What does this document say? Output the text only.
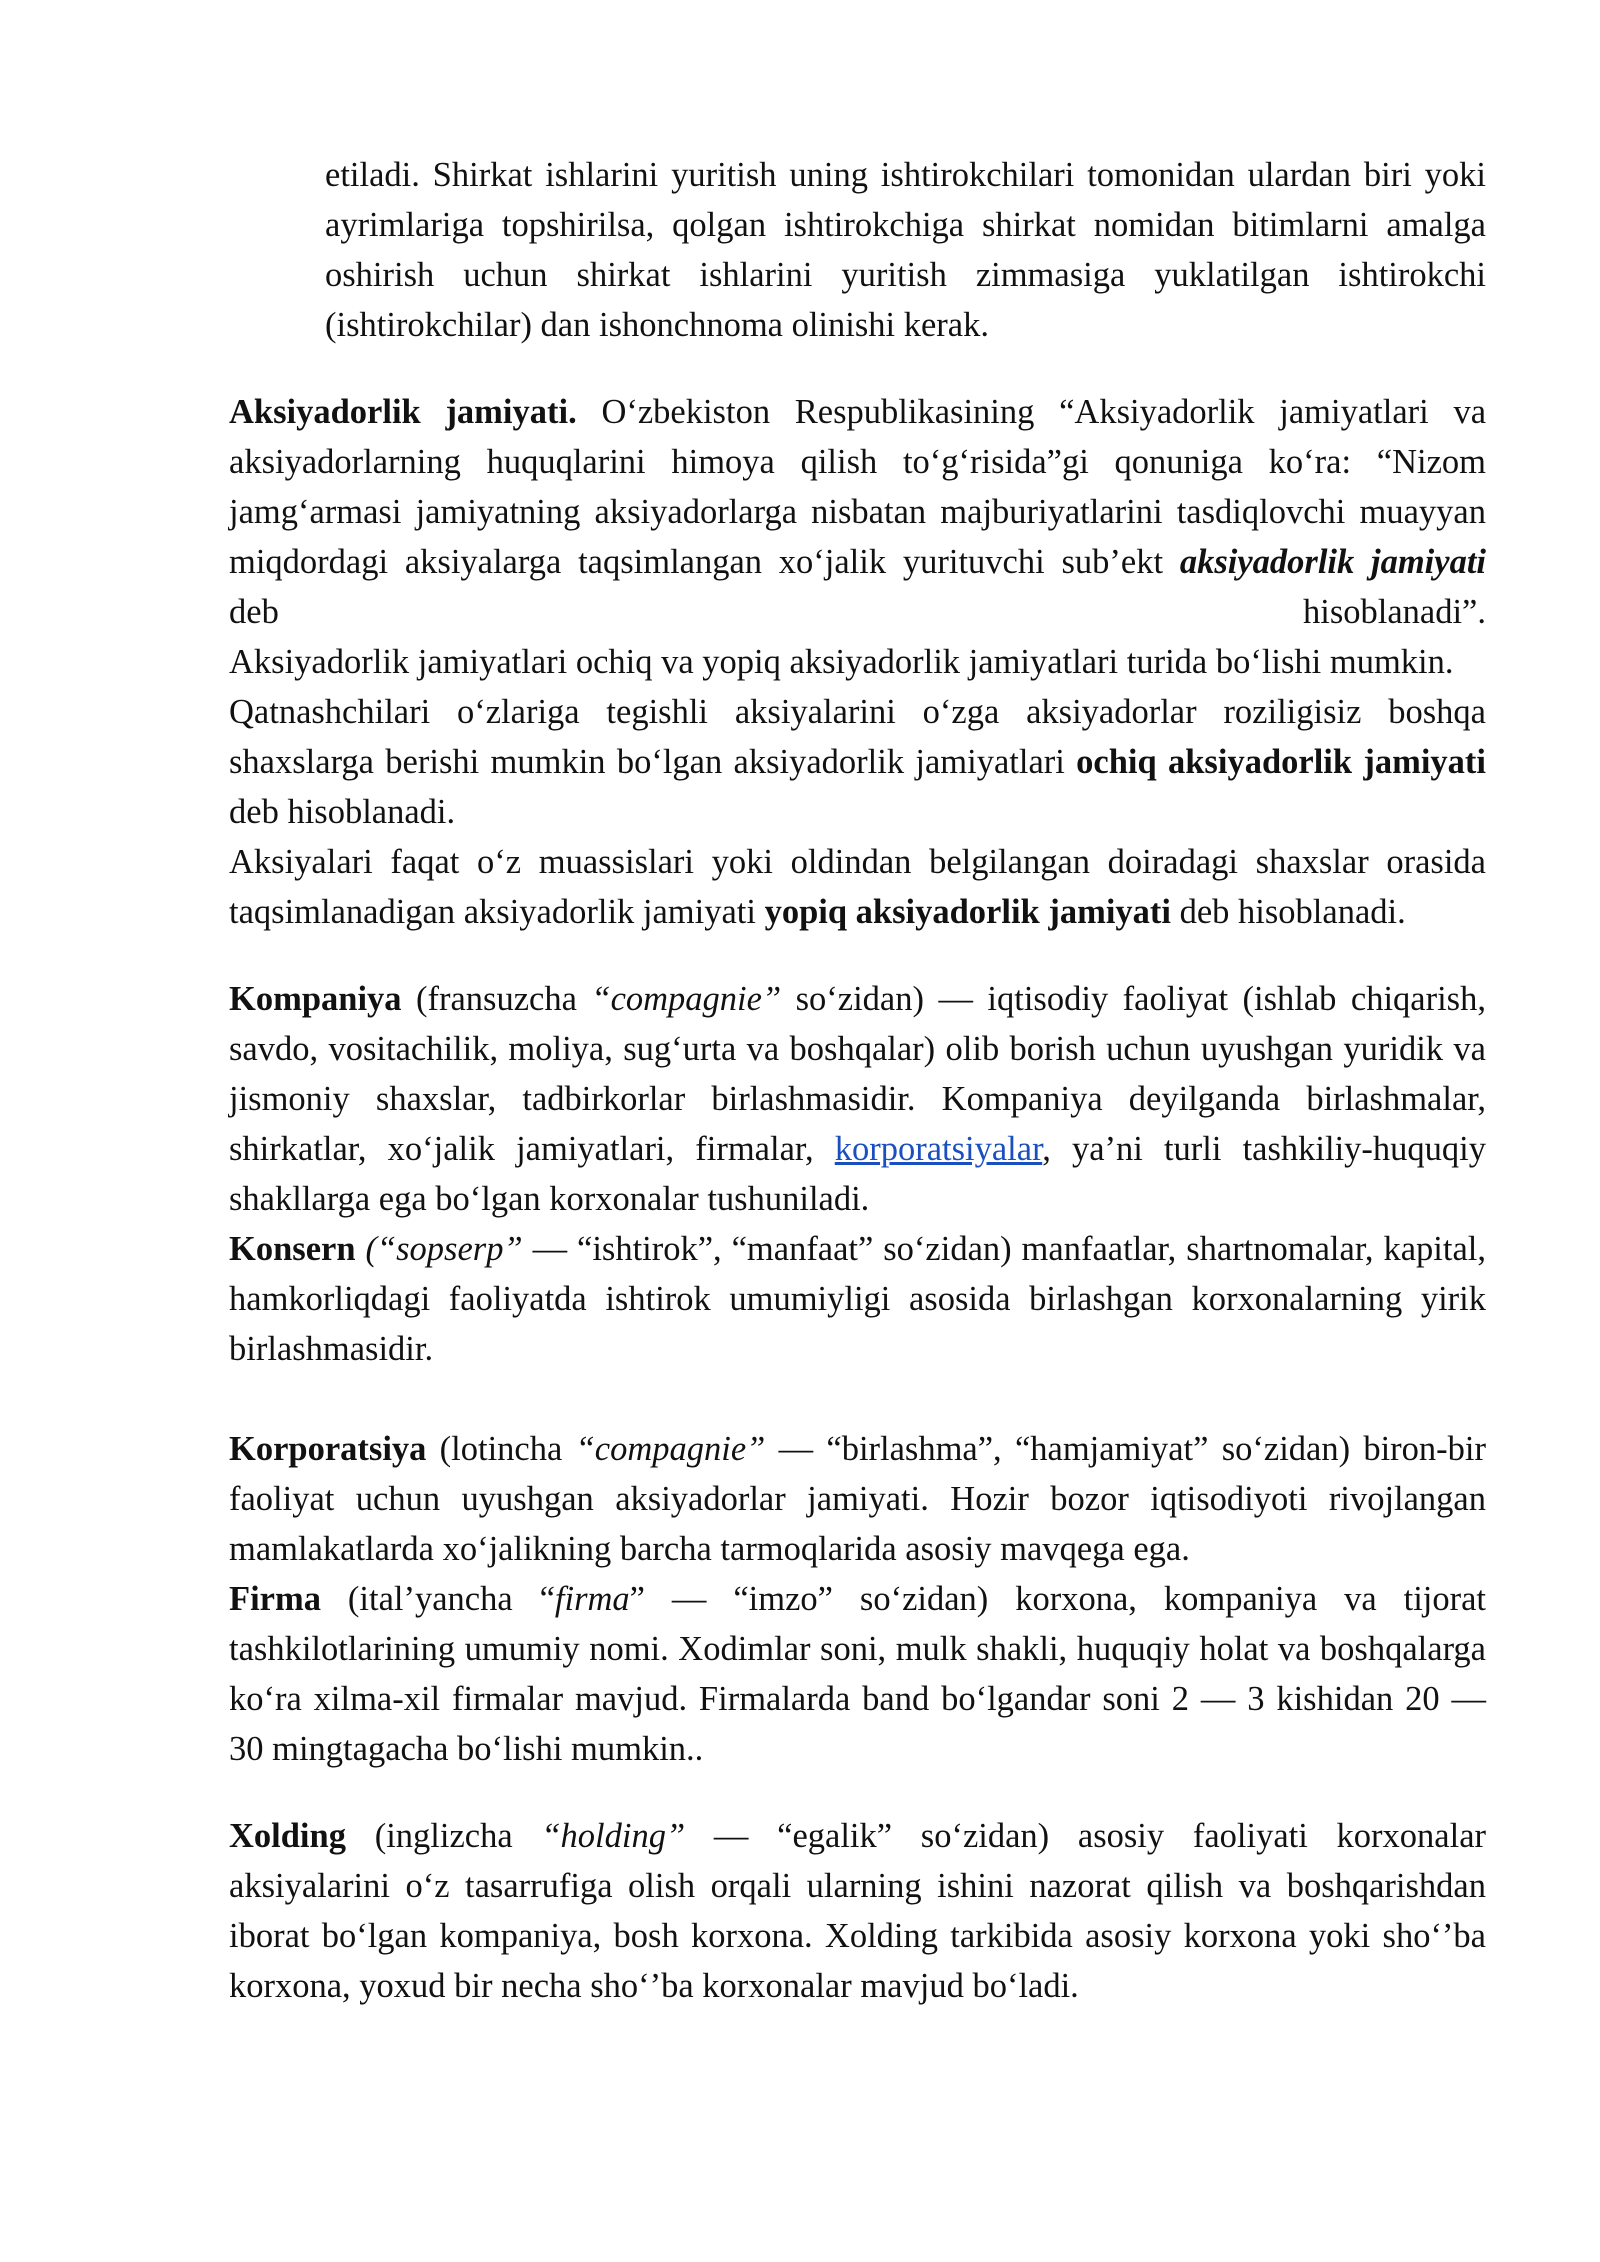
etiladi. Shirkat ishlarini yuritish uning ishtirokchilari tomonidan ulardan biri yoki ayrimlariga topshirilsa, qolgan ishtirokchiga shirkat nomidan bitimlarni amalga oshirish uchun shirkat ishlarini yuritish zimmasiga yuklatilgan ishtirokchi (ishtirokchilar) dan ishonchnoma olinishi kerak.

Aksiyadorlik jamiyati. O‘zbekiston Respublikasining “Aksiyadorlik jamiyatlari va aksiyadorlarning huquqlarini himoya qilish to‘g‘risida”gi qonuniga ko‘ra: “Nizom jamg‘armasi jamiyatning aksiyadorlarga nisbatan majburiyatlarini tasdiqlovchi muayyan miqdordagi aksiyalarga taqsimlangan xo‘jalik yurituvchi sub’ekt aksiyadorlik jamiyati deb hisoblanadi”.

Aksiyadorlik jamiyatlari ochiq va yopiq aksiyadorlik jamiyatlari turida bo‘lishi mumkin.

Qatnashchilari o‘zlariga tegishli aksiyalarini o‘zga aksiyadorlar roziligisiz boshqa shaxslarga berishi mumkin bo‘lgan aksiyadorlik jamiyatlari ochiq aksiyadorlik jamiyati deb hisoblanadi.

Aksiyalari faqat o‘z muassislari yoki oldindan belgilangan doiradagi shaxslar orasida taqsimlanadigan aksiyadorlik jamiyati yopiq aksiyadorlik jamiyati deb hisoblanadi.

Kompaniya (fransuzcha “compagnie” so‘zidan) — iqtisodiy faoliyat (ishlab chiqarish, savdo, vositachilik, moliya, sug‘urta va boshqalar) olib borish uchun uyushgan yuridik va jismoniy shaxslar, tadbirkorlar birlashmasidir. Kompaniya deyilganda birlashmalar, shirkatlar, xo‘jalik jamiyatlari, firmalar, korporatsiyalar, ya’ni turli tashkiliy-huquqiy shakllarga ega bo‘lgan korxonalar tushuniladi.

Konsern (“sopserp” — “ishtirok”, “manfaat” so‘zidan) manfaatlar, shartnomalar, kapital, hamkorliqdagi faoliyatda ishtirok umumiyligi asosida birlashgan korxonalarning yirik birlashmasidir.

Korporatsiya (lotincha “compagnie” — “birlashma”, “hamjamiyat” so‘zidan) biron-bir faoliyat uchun uyushgan aksiyadorlar jamiyati. Hozir bozor iqtisodiyoti rivojlangan mamlakatlarda xo‘jalikning barcha tarmoqlarida asosiy mavqega ega.

Firma (ital’yancha “firma” — “imzo” so‘zidan) korxona, kompaniya va tijorat tashkilotlarining umumiy nomi. Xodimlar soni, mulk shakli, huquqiy holat va boshqalarga ko‘ra xilma-xil firmalar mavjud. Firmalarda band bo‘lgandar soni 2 — 3 kishidan 20 — 30 mingtagacha bo‘lishi mumkin..

Xolding (inglizcha “holding” — “egalik” so‘zidan) asosiy faoliyati korxonalar aksiyalarini o‘z tasarrufiga olish orqali ularning ishini nazorat qilish va boshqarishdan iborat bo‘lgan kompaniya, bosh korxona. Xolding tarkibida asosiy korxona yoki sho‘’ba korxona, yoxud bir necha sho‘’ba korxonalar mavjud bo‘ladi.
